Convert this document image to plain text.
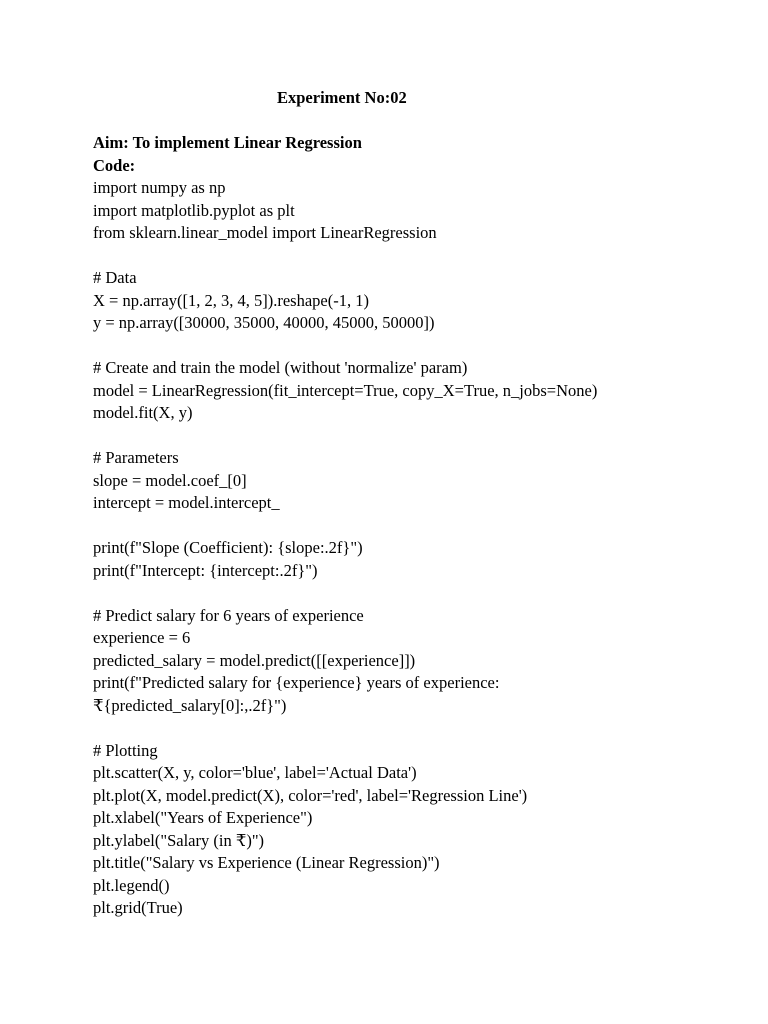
Experiment No:02
Aim: To implement Linear Regression
Code:
import numpy as np
import matplotlib.pyplot as plt
from sklearn.linear_model import LinearRegression
# Data
X = np.array([1, 2, 3, 4, 5]).reshape(-1, 1)
y = np.array([30000, 35000, 40000, 45000, 50000])
# Create and train the model (without 'normalize' param)
model = LinearRegression(fit_intercept=True, copy_X=True, n_jobs=None)
model.fit(X, y)
# Parameters
slope = model.coef_[0]
intercept = model.intercept_
print(f"Slope (Coefficient): {slope:.2f}")
print(f"Intercept: {intercept:.2f}")
# Predict salary for 6 years of experience
experience = 6
predicted_salary = model.predict([[experience]])
print(f"Predicted salary for {experience} years of experience:
₹{predicted_salary[0]:,.2f}")
# Plotting
plt.scatter(X, y, color='blue', label='Actual Data')
plt.plot(X, model.predict(X), color='red', label='Regression Line')
plt.xlabel("Years of Experience")
plt.ylabel("Salary (in ₹)")
plt.title("Salary vs Experience (Linear Regression)")
plt.legend()
plt.grid(True)
